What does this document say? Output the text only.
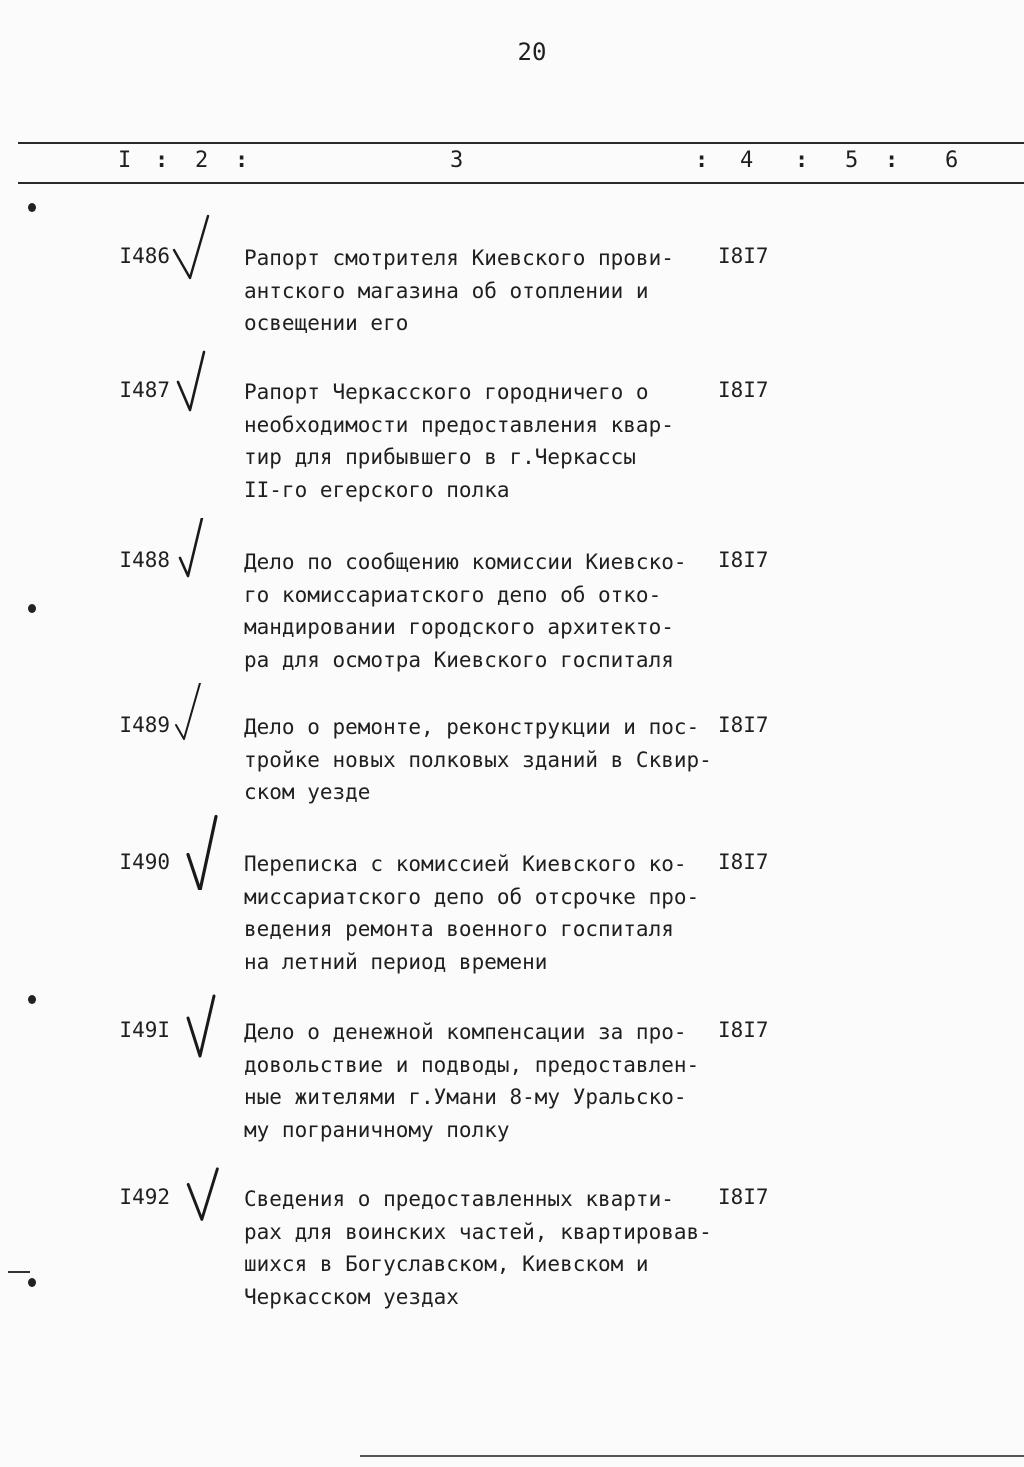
20
I : 2 :	3	: 4 : 5 : 6
I486	Рапорт смотрителя Киевского прови-
антского магазина об отоплении и
освещении его
I8I7
I487	Рапорт Черкасского городничего о
необходимости предоставления квар-
тир для прибывшего в г.Черкассы
II-го егерского полка
I8I7
I488	Дело по сообщению комиссии Киевско-
го комиссариатского депо об отко-
мандировании городского архитекто-
ра для осмотра Киевского госпиталя
I8I7
I489	Дело о ремонте, реконструкции и пос-
тройке новых полковых зданий в Сквир-
ском уезде
I8I7
I490	Переписка с комиссией Киевского ко-
миссариатского депо об отсрочке про-
ведения ремонта военного госпиталя
на летний период времени
I8I7
I49I	Дело о денежной компенсации за про-
довольствие и подводы, предоставлен-
ные жителями г.Умани 8-му Уральско-
му пограничному полку
I8I7
I492	Сведения о предоставленных кварти-
рах для воинских частей, квартировав-
шихся в Богуславском, Киевском и
Черкасском уездах
I8I7
